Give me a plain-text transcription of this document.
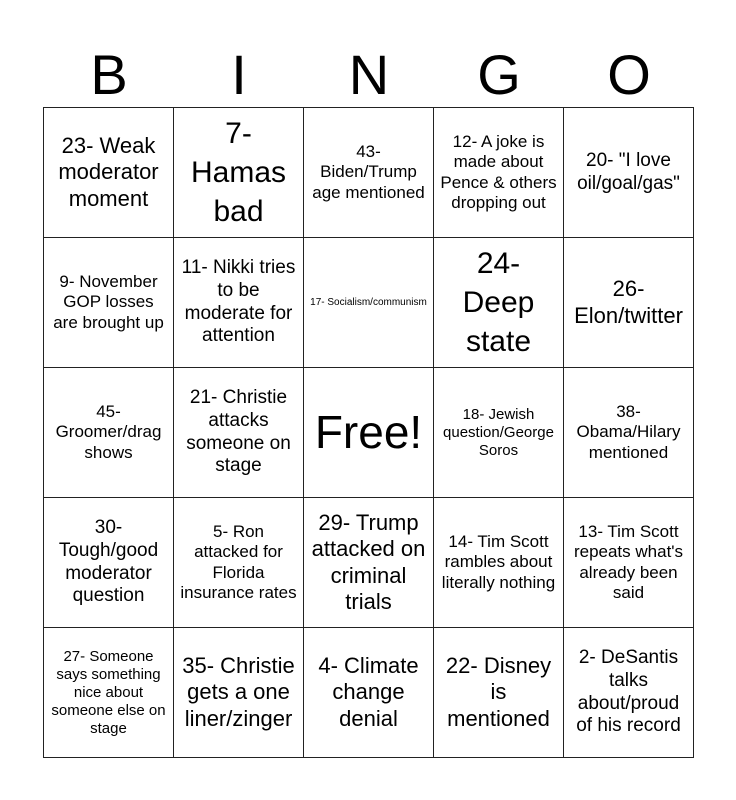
B	I	N	G	O
23- Weak moderator moment	7- Hamas bad	43- Biden/Trump age mentioned	12- A joke is made about Pence & others dropping out	20- "I love oil/goal/gas"
9- November GOP losses are brought up	11- Nikki tries to be moderate for attention	17- Socialism/communism	24- Deep state	26- Elon/twitter
45- Groomer/drag shows	21- Christie attacks someone on stage	Free!	18- Jewish question/George Soros	38- Obama/Hilary mentioned
30- Tough/good moderator question	5- Ron attacked for Florida insurance rates	29- Trump attacked on criminal trials	14- Tim Scott rambles about literally nothing	13- Tim Scott repeats what's already been said
27- Someone says something nice about someone else on stage	35- Christie gets a one liner/zinger	4- Climate change denial	22- Disney is mentioned	2- DeSantis talks about/proud of his record
